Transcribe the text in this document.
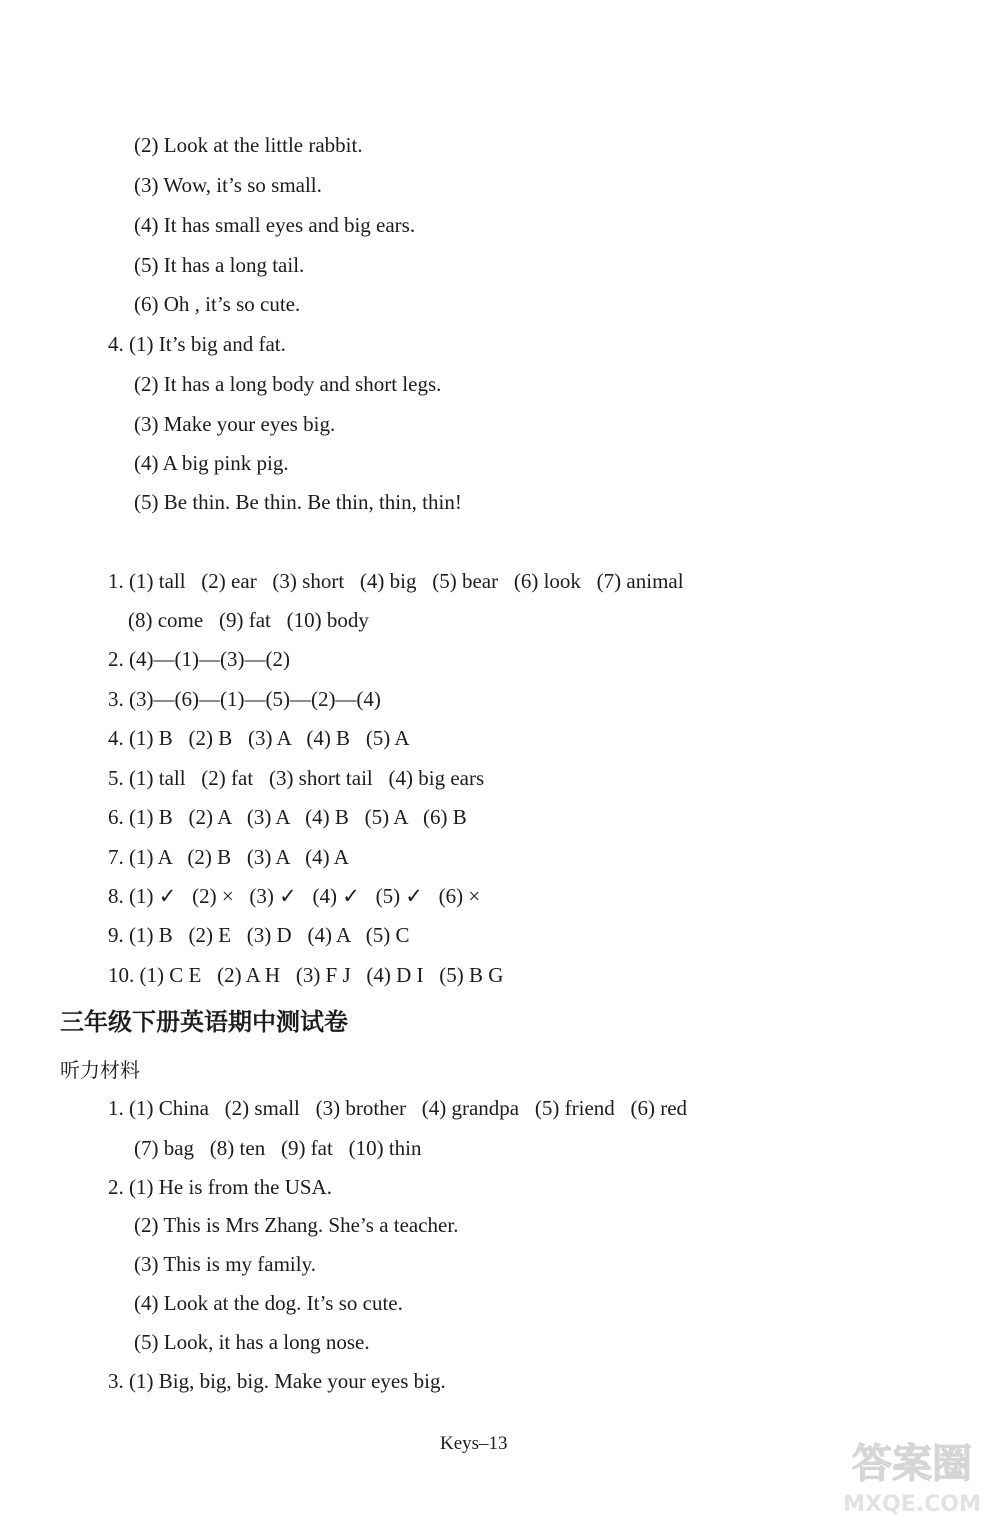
(2) Look at the little rabbit.
(3) Wow, it’s so small.
(4) It has small eyes and big ears.
(5) It has a long tail.
(6) Oh , it’s so cute.
4. (1) It’s big and fat.
(2) It has a long body and short legs.
(3) Make your eyes big.
(4) A big pink pig.
(5) Be thin. Be thin. Be thin, thin, thin!
1. (1) tall   (2) ear   (3) short   (4) big   (5) bear   (6) look   (7) animal
(8) come   (9) fat   (10) body
2. (4)—(1)—(3)—(2)
3. (3)—(6)—(1)—(5)—(2)—(4)
4. (1) B   (2) B   (3) A   (4) B   (5) A
5. (1) tall   (2) fat   (3) short tail   (4) big ears
6. (1) B   (2) A   (3) A   (4) B   (5) A   (6) B
7. (1) A   (2) B   (3) A   (4) A
8. (1) ✓   (2) ×   (3) ✓   (4) ✓   (5) ✓   (6) ×
9. (1) B   (2) E   (3) D   (4) A   (5) C
10. (1) C E   (2) A H   (3) F J   (4) D I   (5) B G
三年级下册英语期中测试卷
听力材料
1. (1) China   (2) small   (3) brother   (4) grandpa   (5) friend   (6) red
(7) bag   (8) ten   (9) fat   (10) thin
2. (1) He is from the USA.
(2) This is Mrs Zhang. She’s a teacher.
(3) This is my family.
(4) Look at the dog. It’s so cute.
(5) Look, it has a long nose.
3. (1) Big, big, big. Make your eyes big.
Keys–13	答案圈
MXQE.COM
